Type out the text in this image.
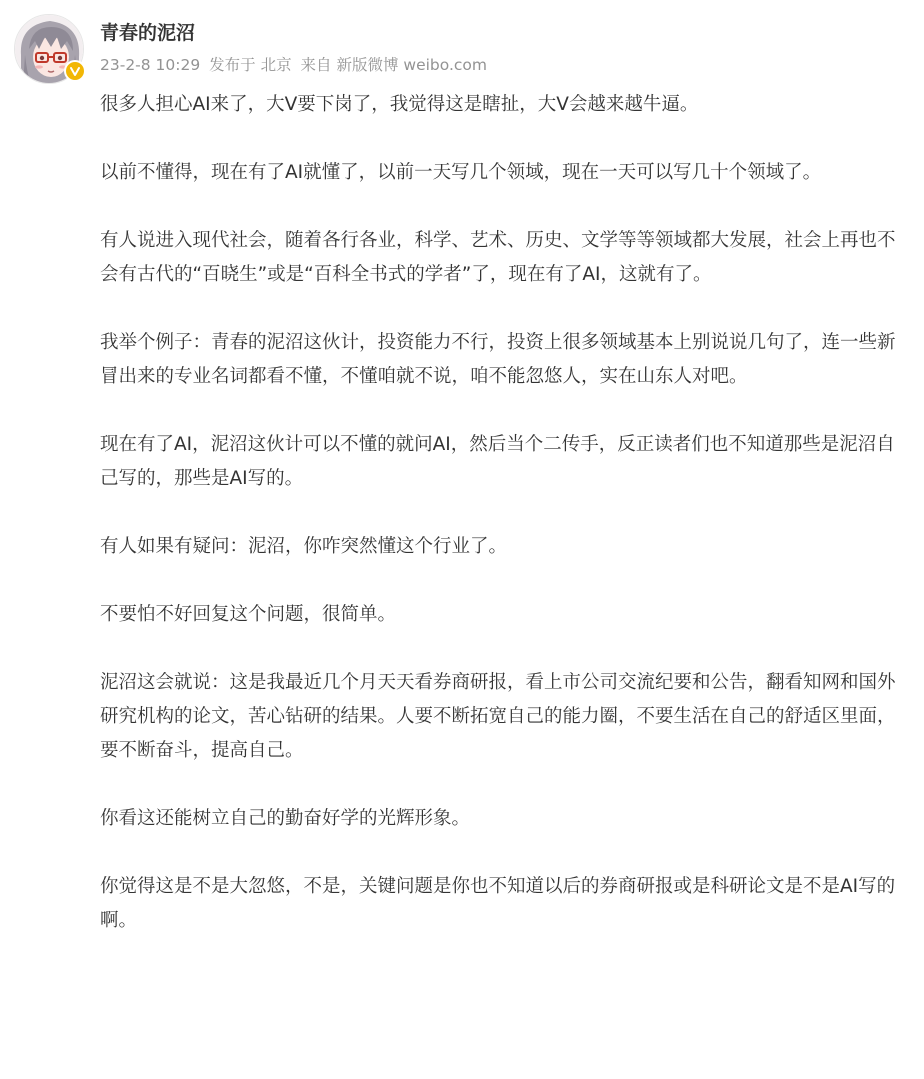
青春的泥沼
23-2-8 10:29 发布于 北京 来自 新版微博 weibo.com

很多人担心AI来了，大V要下岗了，我觉得这是瞎扯，大V会越来越牛逼。

以前不懂得，现在有了AI就懂了，以前一天写几个领域，现在一天可以写几十个领域了。

有人说进入现代社会，随着各行各业，科学、艺术、历史、文学等等领域都大发展，社会上再也不会有古代的“百晓生”或是“百科全书式的学者”了，现在有了AI，这就有了。

我举个例子：青春的泥沼这伙计，投资能力不行，投资上很多领域基本上别说说几句了，连一些新冒出来的专业名词都看不懂，不懂咱就不说，咱不能忽悠人，实在山东人对吧。

现在有了AI，泥沼这伙计可以不懂的就问AI，然后当个二传手，反正读者们也不知道那些是泥沼自己写的，那些是AI写的。

有人如果有疑问：泥沼，你咋突然懂这个行业了。

不要怕不好回复这个问题，很简单。

泥沼这会就说：这是我最近几个月天天看券商研报，看上市公司交流纪要和公告，翻看知网和国外研究机构的论文，苦心钻研的结果。人要不断拓宽自己的能力圈，不要生活在自己的舒适区里面，要不断奋斗，提高自己。

你看这还能树立自己的勤奋好学的光辉形象。

你觉得这是不是大忽悠，不是，关键问题是你也不知道以后的券商研报或是科研论文是不是AI写的啊。
